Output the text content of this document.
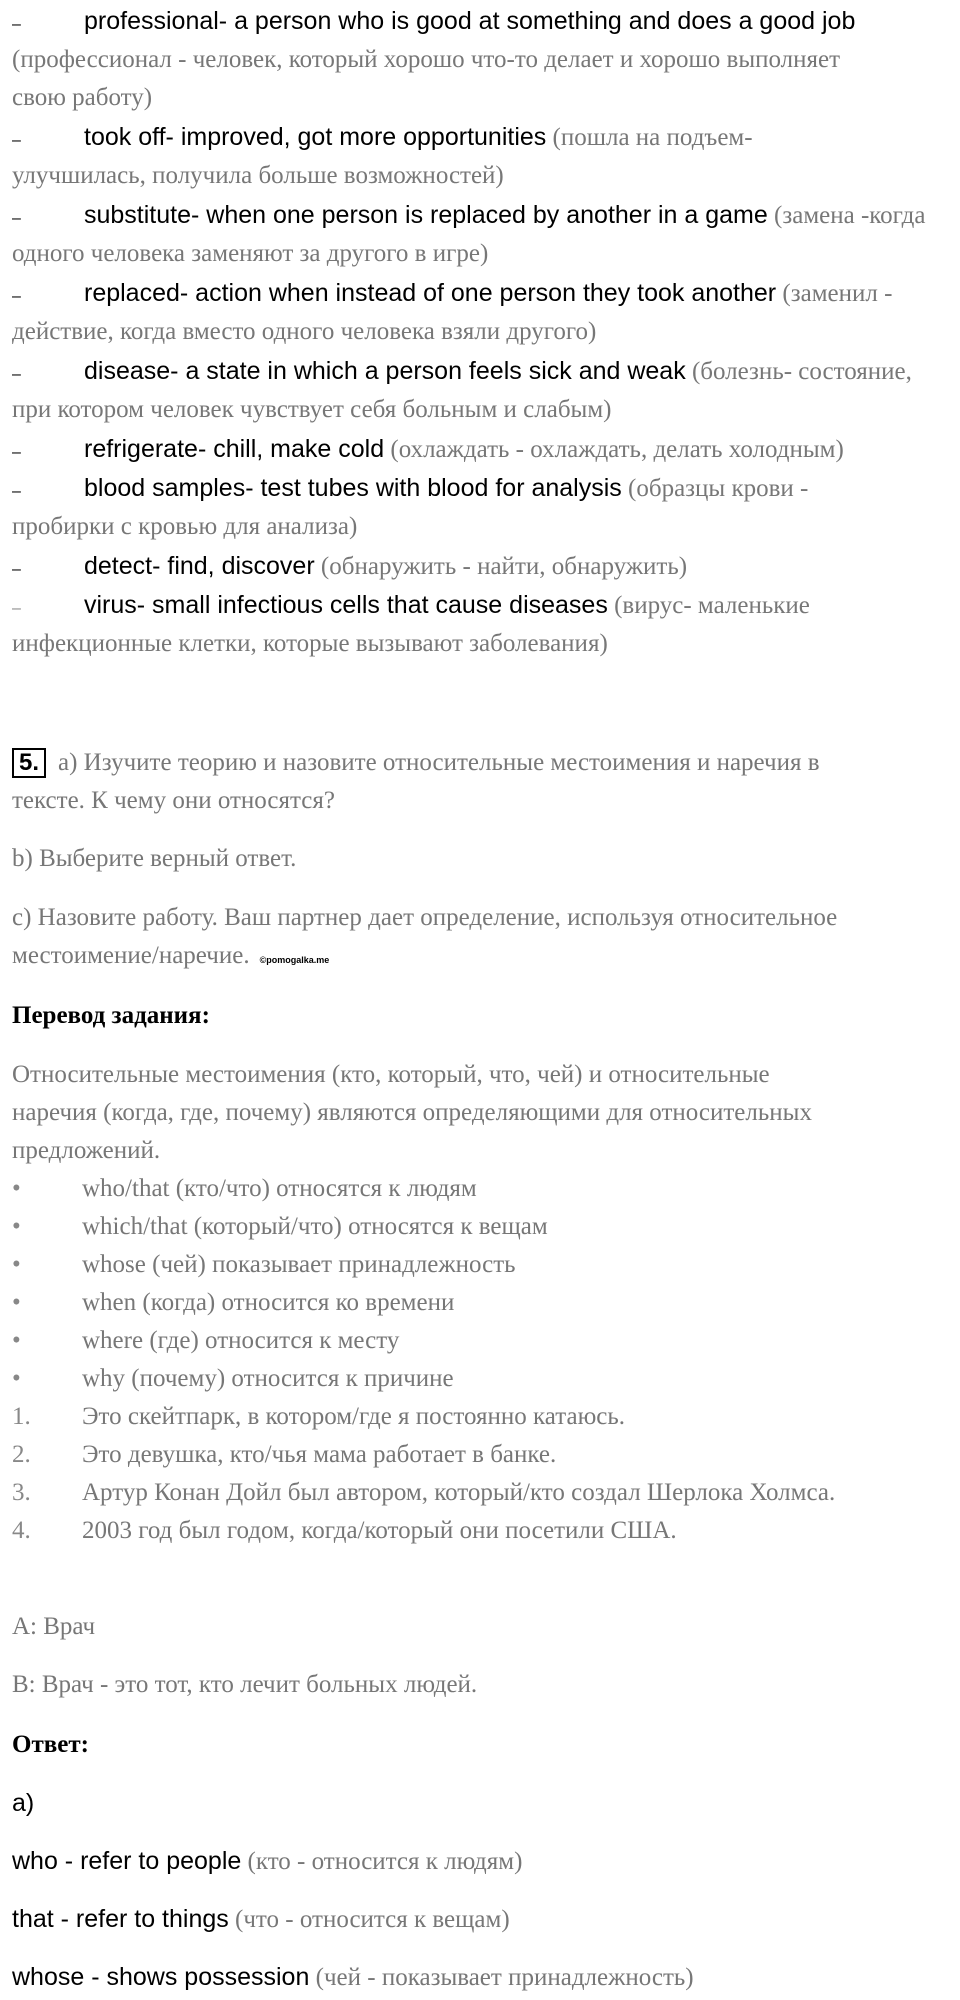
–	professional- a person who is good at something and does a good job
(профессионал - человек, который хорошо что-то делает и хорошо выполняет
свою работу)
–	took off- improved, got more opportunities (пошла на подъем-
улучшилась, получила больше возможностей)
–	substitute- when one person is replaced by another in a game (замена -когда
одного человека заменяют за другого в игре)
–	replaced- action when instead of one person they took another (заменил -
действие, когда вместо одного человека взяли другого)
–	disease- a state in which a person feels sick and weak (болезнь- состояние,
при котором человек чувствует себя больным и слабым)
–	refrigerate- chill, make cold (охлаждать - охлаждать, делать холодным)
–	blood samples- test tubes with blood for analysis (образцы крови -
пробирки с кровью для анализа)
–	detect- find, discover (обнаружить - найти, обнаружить)
–	virus- small infectious cells that cause diseases (вирус- маленькие
инфекционные клетки, которые вызывают заболевания)
5. a) Изучите теорию и назовите относительные местоимения и наречия в
тексте. К чему они относятся?
b) Выберите верный ответ.
c) Назовите работу. Ваш партнер дает определение, используя относительное
местоимение/наречие. ©pomogalka.me
Перевод задания:
Относительные местоимения (кто, который, что, чей) и относительные
наречия (когда, где, почему) являются определяющими для относительных
предложений.
• who/that (кто/что) относятся к людям
• which/that (который/что) относятся к вещам
• whose (чей) показывает принадлежность
• when (когда) относится ко времени
• where (где) относится к месту
• why (почему) относится к причине
1. Это скейтпарк, в котором/где я постоянно катаюсь.
2. Это девушка, кто/чья мама работает в банке.
3. Артур Конан Дойл был автором, который/кто создал Шерлока Холмса.
4. 2003 год был годом, когда/который они посетили США.
A: Врач
B: Врач - это тот, кто лечит больных людей.
Ответ:
a)
who - refer to people (кто - относится к людям)
that - refer to things (что - относится к вещам)
whose - shows possession (чей - показывает принадлежность)
